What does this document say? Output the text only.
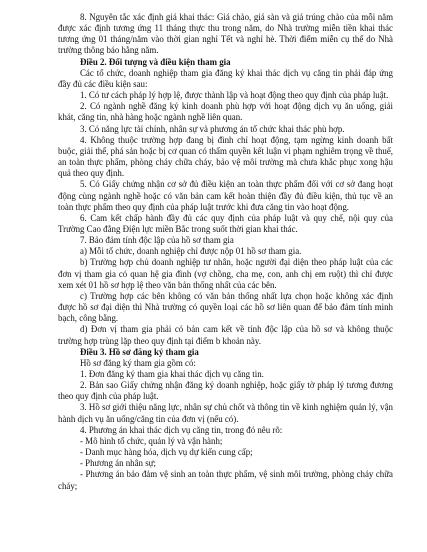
8. Nguyên tắc xác định giá khai thác: Giá chào, giá sàn và giá trúng chào của mỗi năm được xác định tương ứng 11 tháng thực thu trong năm, do Nhà trường miễn tiền khai thác tương ứng 01 tháng/năm vào thời gian nghỉ Tết và nghỉ hè. Thời điểm miễn cụ thể do Nhà trường thông báo hằng năm.

Điều 2. Đối tượng và điều kiện tham gia

Các tổ chức, doanh nghiệp tham gia đăng ký khai thác dịch vụ căng tin phải đáp ứng đầy đủ các điều kiện sau:

1. Có tư cách pháp lý hợp lệ, được thành lập và hoạt động theo quy định của pháp luật.

2. Có ngành nghề đăng ký kinh doanh phù hợp với hoạt động dịch vụ ăn uống, giải khát, căng tin, nhà hàng hoặc ngành nghề liên quan.

3. Có năng lực tài chính, nhân sự và phương án tổ chức khai thác phù hợp.

4. Không thuộc trường hợp đang bị đình chỉ hoạt động, tạm ngừng kinh doanh bất buộc, giải thể, phá sản hoặc bị cơ quan có thẩm quyền kết luận vi phạm nghiêm trọng về thuế, an toàn thực phẩm, phòng cháy chữa cháy, bảo vệ môi trường mà chưa khắc phục xong hậu quả theo quy định.

5. Có Giấy chứng nhận cơ sở đủ điều kiện an toàn thực phẩm đối với cơ sở đang hoạt động cùng ngành nghề hoặc có văn bản cam kết hoàn thiện đầy đủ điều kiện, thủ tục về an toàn thực phẩm theo quy định của pháp luật trước khi đưa căng tin vào hoạt động.

6. Cam kết chấp hành đầy đủ các quy định của pháp luật và quy chế, nội quy của Trường Cao đẳng Điện lực miền Bắc trong suốt thời gian khai thác.

7. Bảo đảm tính độc lập của hồ sơ tham gia

a) Mỗi tổ chức, doanh nghiệp chỉ được nộp 01 hồ sơ tham gia.

b) Trường hợp chủ doanh nghiệp tư nhân, hoặc người đại diện theo pháp luật của các đơn vị tham gia có quan hệ gia đình (vợ chồng, cha mẹ, con, anh chị em ruột) thì chỉ được xem xét 01 hồ sơ hợp lệ theo văn bản thống nhất của các bên.

c) Trường hợp các bên không có văn bản thống nhất lựa chọn hoặc không xác định được hồ sơ đại diện thì Nhà trường có quyền loại các hồ sơ liên quan để bảo đảm tính minh bạch, công bằng.

d) Đơn vị tham gia phải có bản cam kết về tính độc lập của hồ sơ và không thuộc trường hợp trùng lặp theo quy định tại điểm b khoản này.

Điều 3. Hồ sơ đăng ký tham gia

Hồ sơ đăng ký tham gia gồm có:

1. Đơn đăng ký tham gia khai thác dịch vụ căng tin.

2. Bản sao Giấy chứng nhận đăng ký doanh nghiệp, hoặc giấy tờ pháp lý tương đương theo quy định của pháp luật.

3. Hồ sơ giới thiệu năng lực, nhân sự chủ chốt và thông tin về kinh nghiệm quản lý, vận hành dịch vụ ăn uống/căng tin của đơn vị (nếu có).

4. Phương án khai thác dịch vụ căng tin, trong đó nêu rõ:

- Mô hình tổ chức, quản lý và vận hành;

- Danh mục hàng hóa, dịch vụ dự kiến cung cấp;

- Phương án nhân sự;

- Phương án bảo đảm vệ sinh an toàn thực phẩm, vệ sinh môi trường, phòng cháy chữa cháy;
